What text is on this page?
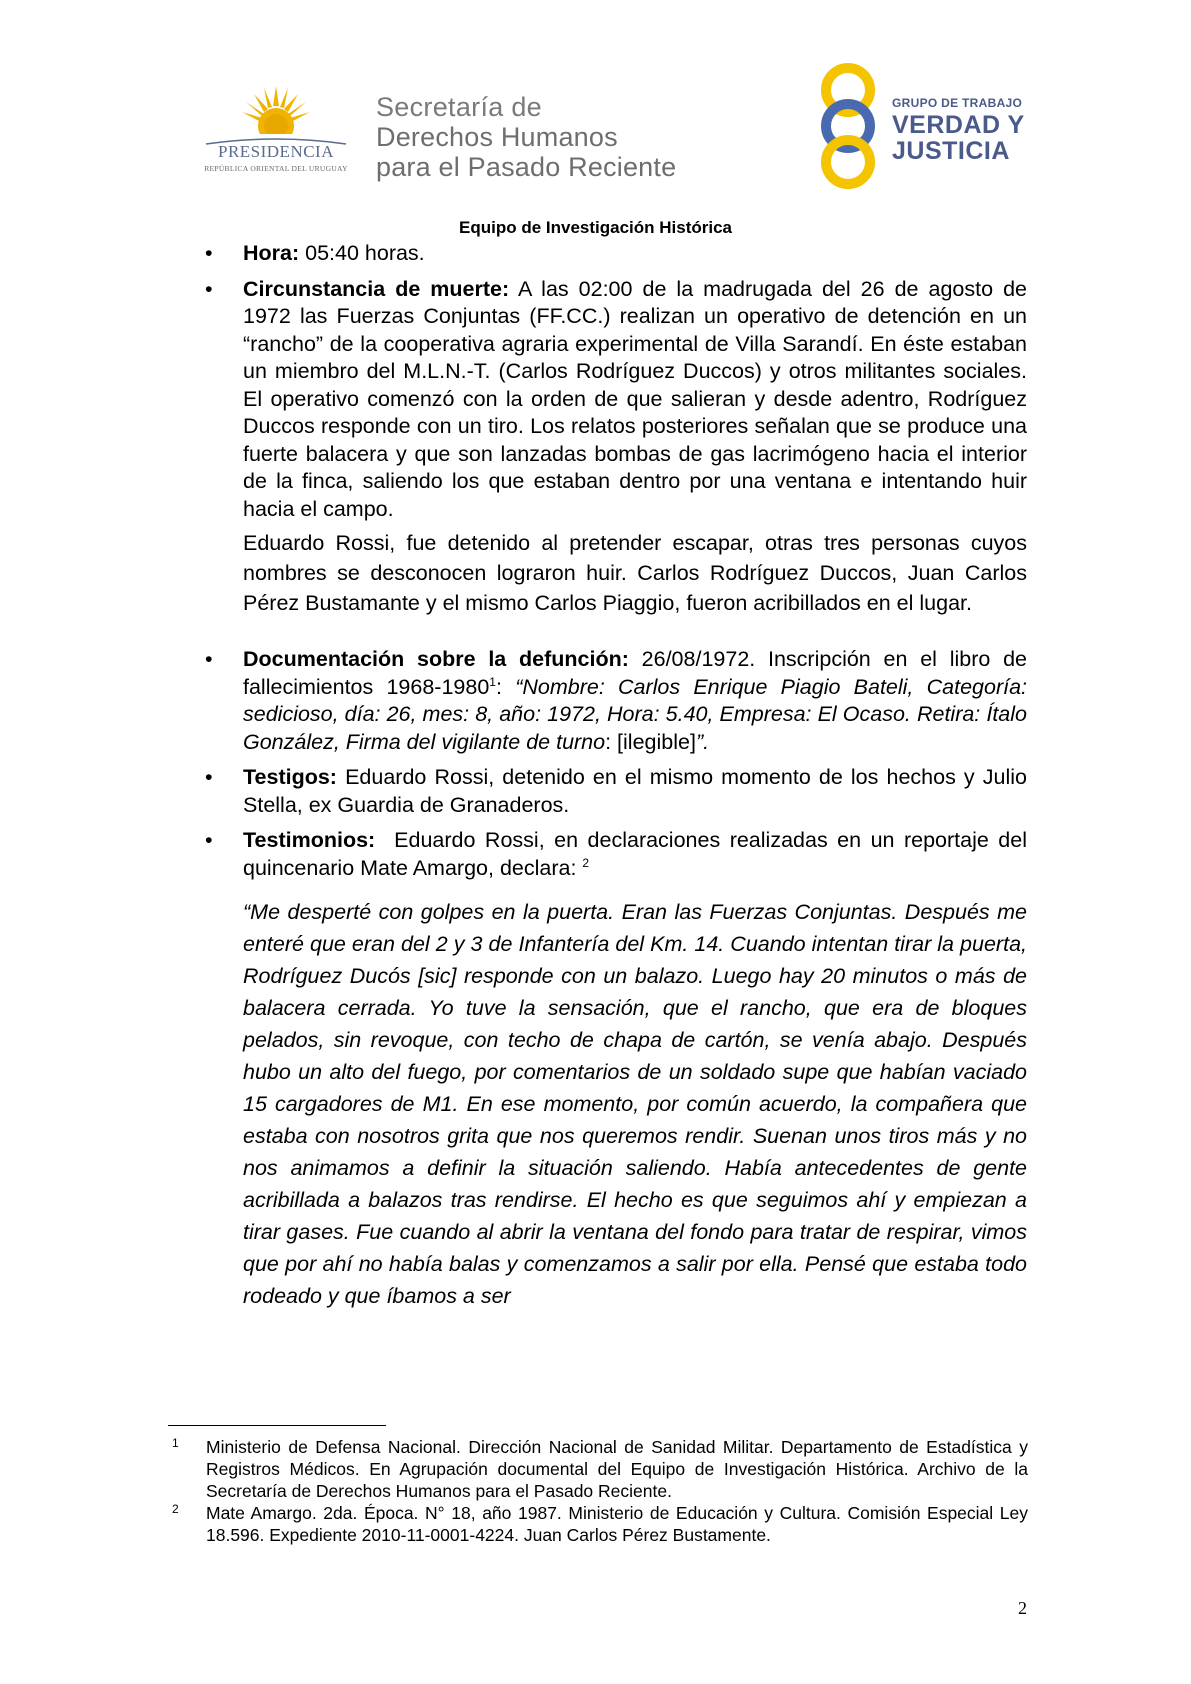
PRESIDENCIA
REPÚBLICA ORIENTAL DEL URUGUAY
Secretaría de
Derechos Humanos
para el Pasado Reciente
GRUPO DE TRABAJO
VERDAD Y
JUSTICIA
Equipo de Investigación Histórica
• Hora: 05:40 horas.
• Circunstancia de muerte: A las 02:00 de la madrugada del 26 de agosto de 1972 las Fuerzas Conjuntas (FF.CC.) realizan un operativo de detención en un “rancho” de la cooperativa agraria experimental de Villa Sarandí. En éste estaban un miembro del M.L.N.-T. (Carlos Rodríguez Duccos) y otros militantes sociales. El operativo comenzó con la orden de que salieran y desde adentro, Rodríguez Duccos responde con un tiro. Los relatos posteriores señalan que se produce una fuerte balacera y que son lanzadas bombas de gas lacrimógeno hacia el interior de la finca, saliendo los que estaban dentro por una ventana e intentando huir hacia el campo.
Eduardo Rossi, fue detenido al pretender escapar, otras tres personas cuyos nombres se desconocen lograron huir. Carlos Rodríguez Duccos, Juan Carlos Pérez Bustamante y el mismo Carlos Piaggio, fueron acribillados en el lugar.
• Documentación sobre la defunción: 26/08/1972. Inscripción en el libro de fallecimientos 1968-1980$^1$: “Nombre: Carlos Enrique Piagio Bateli, Categoría: sedicioso, día: 26, mes: 8, año: 1972, Hora: 5.40, Empresa: El Ocaso. Retira: Ítalo González, Firma del vigilante de turno: [ilegible]”.
• Testigos: Eduardo Rossi, detenido en el mismo momento de los hechos y Julio Stella, ex Guardia de Granaderos.
• Testimonios:  Eduardo Rossi, en declaraciones realizadas en un reportaje del  quincenario Mate Amargo, declara: $^2$
“Me desperté con golpes en la puerta. Eran las Fuerzas Conjuntas. Después me enteré que eran del 2 y 3 de Infantería del Km. 14. Cuando intentan tirar la puerta, Rodríguez Ducós [sic] responde con un balazo. Luego hay 20 minutos o más de balacera cerrada. Yo tuve la sensación, que el rancho, que era de bloques pelados, sin revoque, con techo de chapa de cartón, se venía abajo. Después hubo un alto del fuego, por comentarios de un soldado supe que habían vaciado 15 cargadores de M1. En ese momento, por común acuerdo, la compañera que estaba con nosotros grita que nos queremos rendir. Suenan unos tiros más y no nos animamos a definir la situación saliendo. Había antecedentes de gente acribillada a balazos tras rendirse. El hecho es que seguimos ahí y empiezan a tirar gases. Fue cuando al abrir la ventana del fondo para tratar de respirar, vimos que por ahí no había balas y comenzamos a salir por ella. Pensé que estaba todo rodeado y que íbamos a ser
1 Ministerio de Defensa Nacional. Dirección Nacional de Sanidad Militar. Departamento de Estadística y Registros Médicos. En Agrupación documental del Equipo de Investigación Histórica. Archivo de la Secretaría de Derechos Humanos para el Pasado Reciente.
2 Mate Amargo. 2da. Época. N° 18, año 1987. Ministerio de Educación y Cultura. Comisión Especial Ley 18.596. Expediente 2010-11-0001-4224. Juan Carlos Pérez Bustamente.
2
